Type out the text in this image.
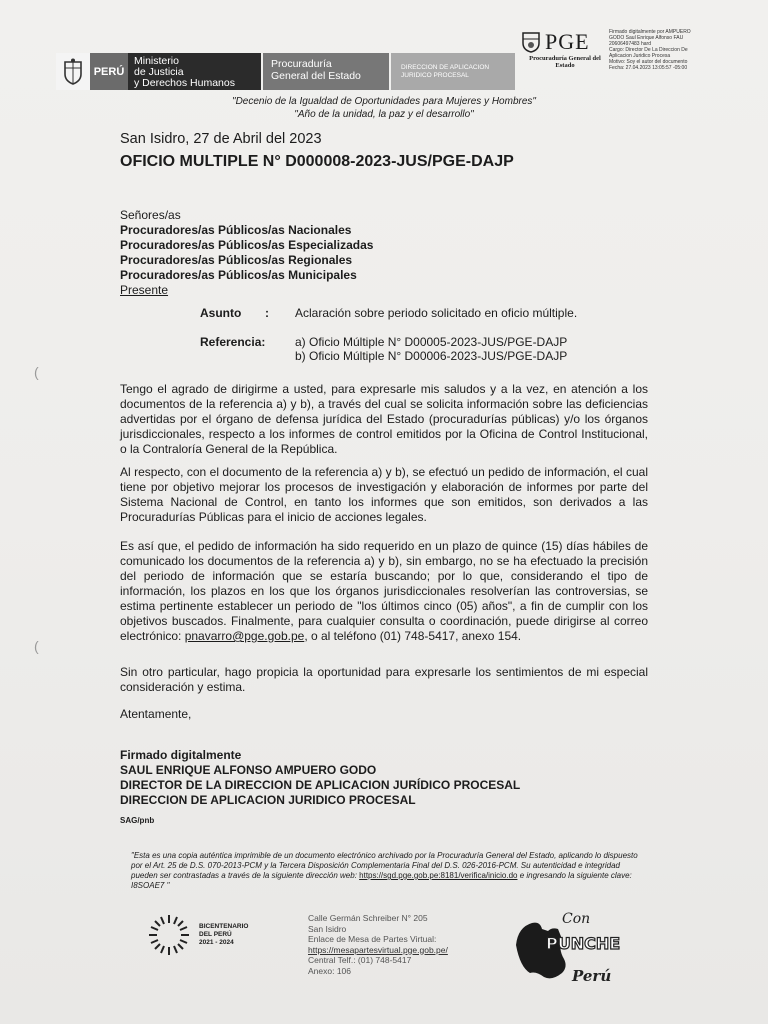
PERÚ
Ministerio
de Justicia
y Derechos Humanos
Procuraduría
General del Estado
DIRECCION DE APLICACION
JURIDICO PROCESAL
PGE
Procuraduría General del Estado
Firmado digitalmente por AMPUERO
GODO Saul Enrique Alfonso FAU
20606497483 hard
Cargo: Director De La Direccion De
Aplicacion Juridico Procesa
Motivo: Soy el autor del documento
Fecha: 27.04.2023 13:05:57 -05:00
"Decenio de la Igualdad de Oportunidades para Mujeres y Hombres"
"Año de la unidad, la paz y el desarrollo"
San Isidro, 27 de Abril del 2023
OFICIO MULTIPLE N° D000008-2023-JUS/PGE-DAJP
Señores/as
Procuradores/as Públicos/as Nacionales
Procuradores/as Públicos/as Especializadas
Procuradores/as Públicos/as Regionales
Procuradores/as Públicos/as Municipales
Presente
Asunto : Aclaración sobre periodo solicitado en oficio múltiple.
Referencia: a) Oficio Múltiple N° D00005-2023-JUS/PGE-DAJP
b) Oficio Múltiple N° D00006-2023-JUS/PGE-DAJP
Tengo el agrado de dirigirme a usted, para expresarle mis saludos y a la vez, en atención a los documentos de la referencia a) y b), a través del cual se solicita información sobre las deficiencias advertidas por el órgano de defensa jurídica del Estado (procuradurías públicas) y/o los órganos jurisdiccionales, respecto a los informes de control emitidos por la Oficina de Control Institucional, o la Contraloría General de la República.
Al respecto, con el documento de la referencia a) y b), se efectuó un pedido de información, el cual tiene por objetivo mejorar los procesos de investigación y elaboración de informes por parte del Sistema Nacional de Control, en tanto los informes que son emitidos, son derivados a las Procuradurías Públicas para el inicio de acciones legales.
Es así que, el pedido de información ha sido requerido en un plazo de quince (15) días hábiles de comunicado los documentos de la referencia a) y b), sin embargo, no se ha efectuado la precisión del periodo de información que se estaría buscando; por lo que, considerando el tipo de información, los plazos en los que los órganos jurisdiccionales resolverían las controversias, se estima pertinente establecer un periodo de "los últimos cinco (05) años", a fin de cumplir con los objetivos buscados. Finalmente, para cualquier consulta o coordinación, puede dirigirse al correo electrónico: pnavarro@pge.gob.pe, o al teléfono (01) 748-5417, anexo 154.
Sin otro particular, hago propicia la oportunidad para expresarle los sentimientos de mi especial consideración y estima.
Atentamente,
Firmado digitalmente
SAUL ENRIQUE ALFONSO AMPUERO GODO
DIRECTOR DE LA DIRECCION DE APLICACION JURÍDICO PROCESAL
DIRECCION DE APLICACION JURIDICO PROCESAL
SAG/pnb
"Esta es una copia auténtica imprimible de un documento electrónico archivado por la Procuraduría General del Estado, aplicando lo dispuesto por el Art. 25 de D.S. 070-2013-PCM y la Tercera Disposición Complementaria Final del D.S. 026-2016-PCM. Su autenticidad e integridad pueden ser contrastadas a través de la siguiente dirección web: https://sgd.pge.gob.pe:8181/verifica/inicio.do e ingresando la siguiente clave: I8SOAE7 "
BICENTENARIO
DEL PERÚ
2021 - 2024
Calle Germán Schreiber N° 205
San Isidro
Enlace de Mesa de Partes Virtual:
https://mesapartesvirtual.pge.gob.pe/
Central Telf.: (01) 748-5417
Anexo: 106
Con
PUNCHE
Perú
(
(
